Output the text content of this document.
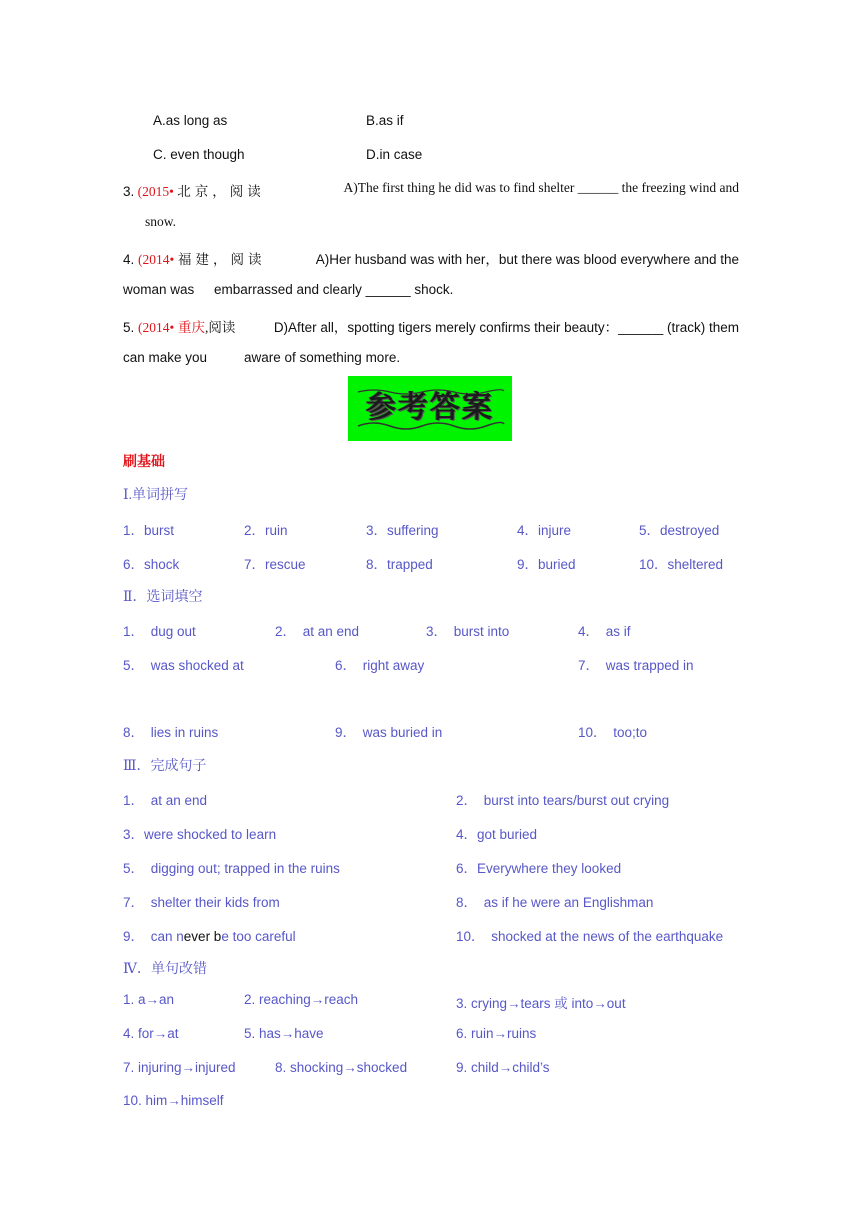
A.as long as	B.as if
C. even though	D.in case
3. (2015• 北京，阅读	A)The first thing he did was to find shelter ______ the freezing wind and
snow.
4. (2014• 福建，阅读	A)Her husband was with her，but there was blood everywhere and the
woman was embarrassed and clearly ______ shock.
5. (2014• 重庆,阅读	D)After all，spotting tigers merely confirms their beauty：______ (track) them
can make you	aware of something more.
参考答案
刷基础
Ⅰ.单词拼写
1．burst	2．ruin	3．suffering	4．injure	5．destroyed
6．shock	7．rescue	8．trapped	9．buried	10．sheltered
Ⅱ．选词填空
1．　dug out	2．　at an end	3．　burst into	4．　as if
5．　was shocked at	6．　right away	7．　was trapped in
8．　lies in ruins	9．　was buried in	10．　too;to
Ⅲ．完成句子
1．　at an end	2．　burst into tears/burst out crying
3．were shocked to learn	4．got buried
5．　digging out; trapped in the ruins	6．Everywhere they looked
7．　shelter their kids from	8．　as if he were an Englishman
9．　can never be too careful	10．　shocked at the news of the earthquake
Ⅳ．单句改错
1. a→an	2. reaching→reach	3. crying→tears 或 into→out
4. for→at	5. has→have	6. ruin→ruins
7. injuring→injured	8. shocking→shocked	9. child→child’s
10. him→himself
